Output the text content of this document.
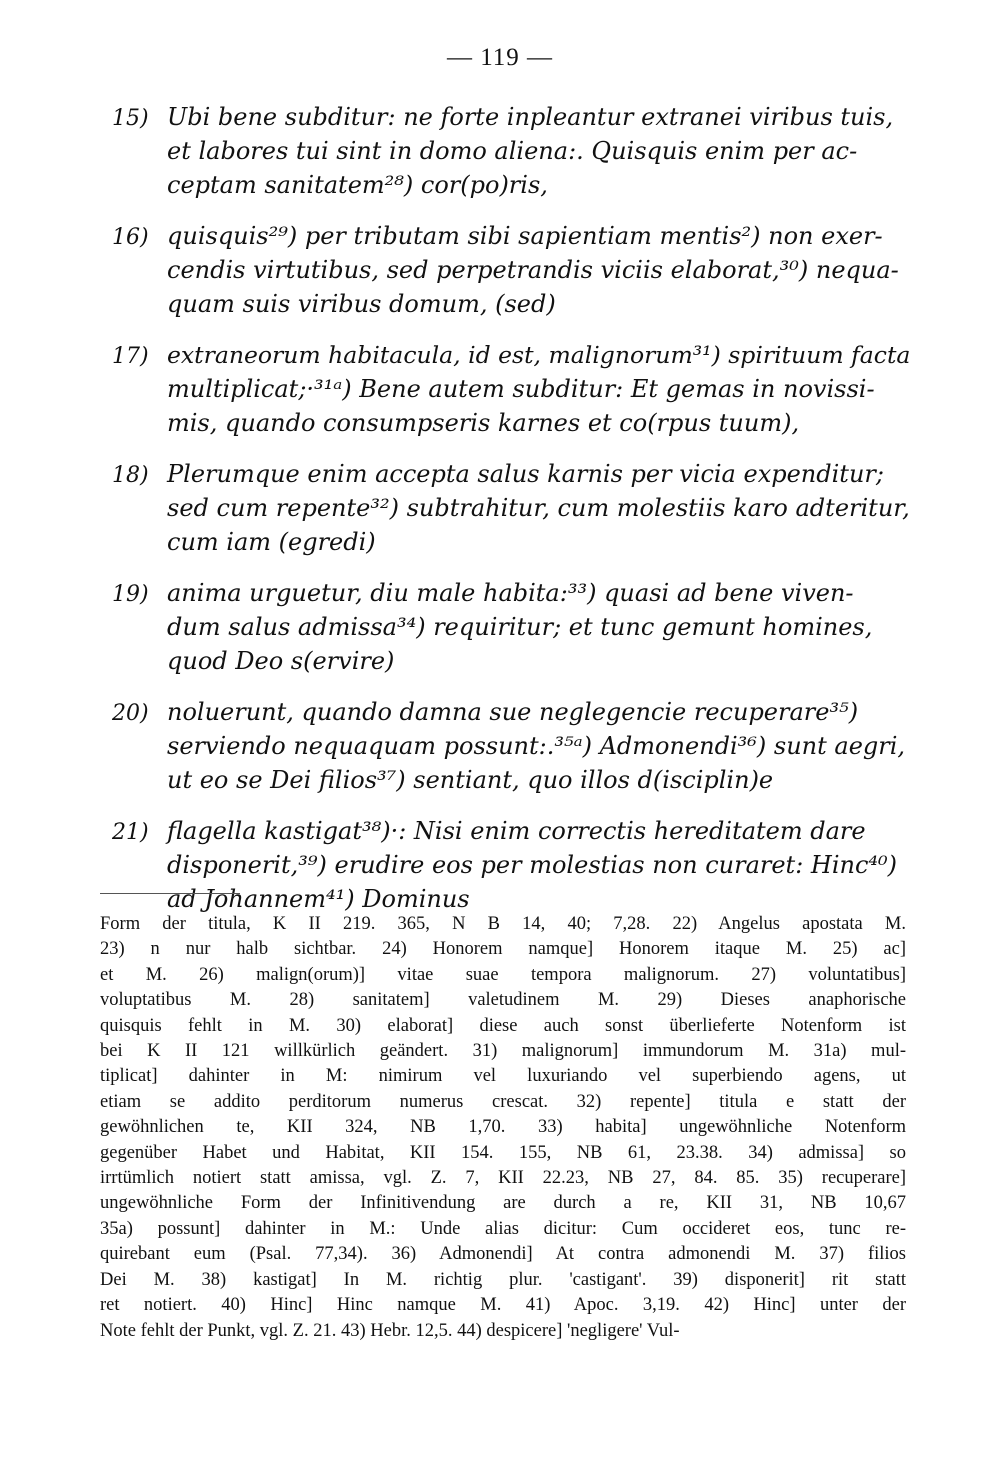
— 119 —
15) Ubi bene subditur: ne forte inpleantur extranei viribus tuis,
et labores tui sint in domo aliena:. Quisquis enim per ac-
ceptam sanitatem²⁸) cor(po)ris,
16) quisquis²⁹) per tributam sibi sapientiam mentis²) non exer-
cendis virtutibus, sed perpetrandis viciis elaborat,³⁰) nequa-
quam suis viribus domum, (sed)
17) extraneorum habitacula, id est, malignorum³¹) spirituum facta
multiplicat;·³¹ᵃ) Bene autem subditur: Et gemas in novissi-
mis, quando consumpseris karnes et co(rpus tuum),
18) Plerumque enim accepta salus karnis per vicia expenditur;
sed cum repente³²) subtrahitur, cum molestiis karo adteritur,
cum iam (egredi)
19) anima urguetur, diu male habita:³³) quasi ad bene viven-
dum salus admissa³⁴) requiritur; et tunc gemunt homines,
quod Deo s(ervire)
20) noluerunt, quando damna sue neglegencie recuperare³⁵)
serviendo nequaquam possunt:.³⁵ᵃ) Admonendi³⁶) sunt aegri,
ut eo se Dei filios³⁷) sentiant, quo illos d(isciplin)e
21) flagella kastigat³⁸)·: Nisi enim correctis hereditatem dare
disponerit,³⁹) erudire eos per molestias non curaret: Hinc⁴⁰)
ad Johannem⁴¹) Dominus
Form der titula, K II 219. 365, N B 14, 40; 7,28. 22) Angelus apostata M.
23) n nur halb sichtbar. 24) Honorem namque] Honorem itaque M. 25) ac]
et M. 26) malign(orum)] vitae suae tempora malignorum. 27) voluntatibus]
voluptatibus M. 28) sanitatem] valetudinem M. 29) Dieses anaphorische
quisquis fehlt in M. 30) elaborat] diese auch sonst überlieferte Notenform ist
bei K II 121 willkürlich geändert. 31) malignorum] immundorum M. 31a) mul-
tiplicat] dahinter in M: nimirum vel luxuriando vel superbiendo agens, ut
etiam se addito perditorum numerus crescat. 32) repente] titula e statt der
gewöhnlichen te, KII 324, NB 1,70. 33) habita] ungewöhnliche Notenform
gegenüber Habet und Habitat, KII 154. 155, NB 61, 23.38. 34) admissa] so
irrtümlich notiert statt amissa, vgl. Z. 7, KII 22.23, NB 27, 84. 85. 35) recuperare]
ungewöhnliche Form der Infinitivendung are durch a re, KII 31, NB 10,67
35a) possunt] dahinter in M.: Unde alias dicitur: Cum occideret eos, tunc re-
quirebant eum (Psal. 77,34). 36) Admonendi] At contra admonendi M. 37) filios
Dei M. 38) kastigat] In M. richtig plur. 'castigant'. 39) disponerit] rit statt
ret notiert. 40) Hinc] Hinc namque M. 41) Apoc. 3,19. 42) Hinc] unter der
Note fehlt der Punkt, vgl. Z. 21. 43) Hebr. 12,5. 44) despicere] 'negligere' Vul-
